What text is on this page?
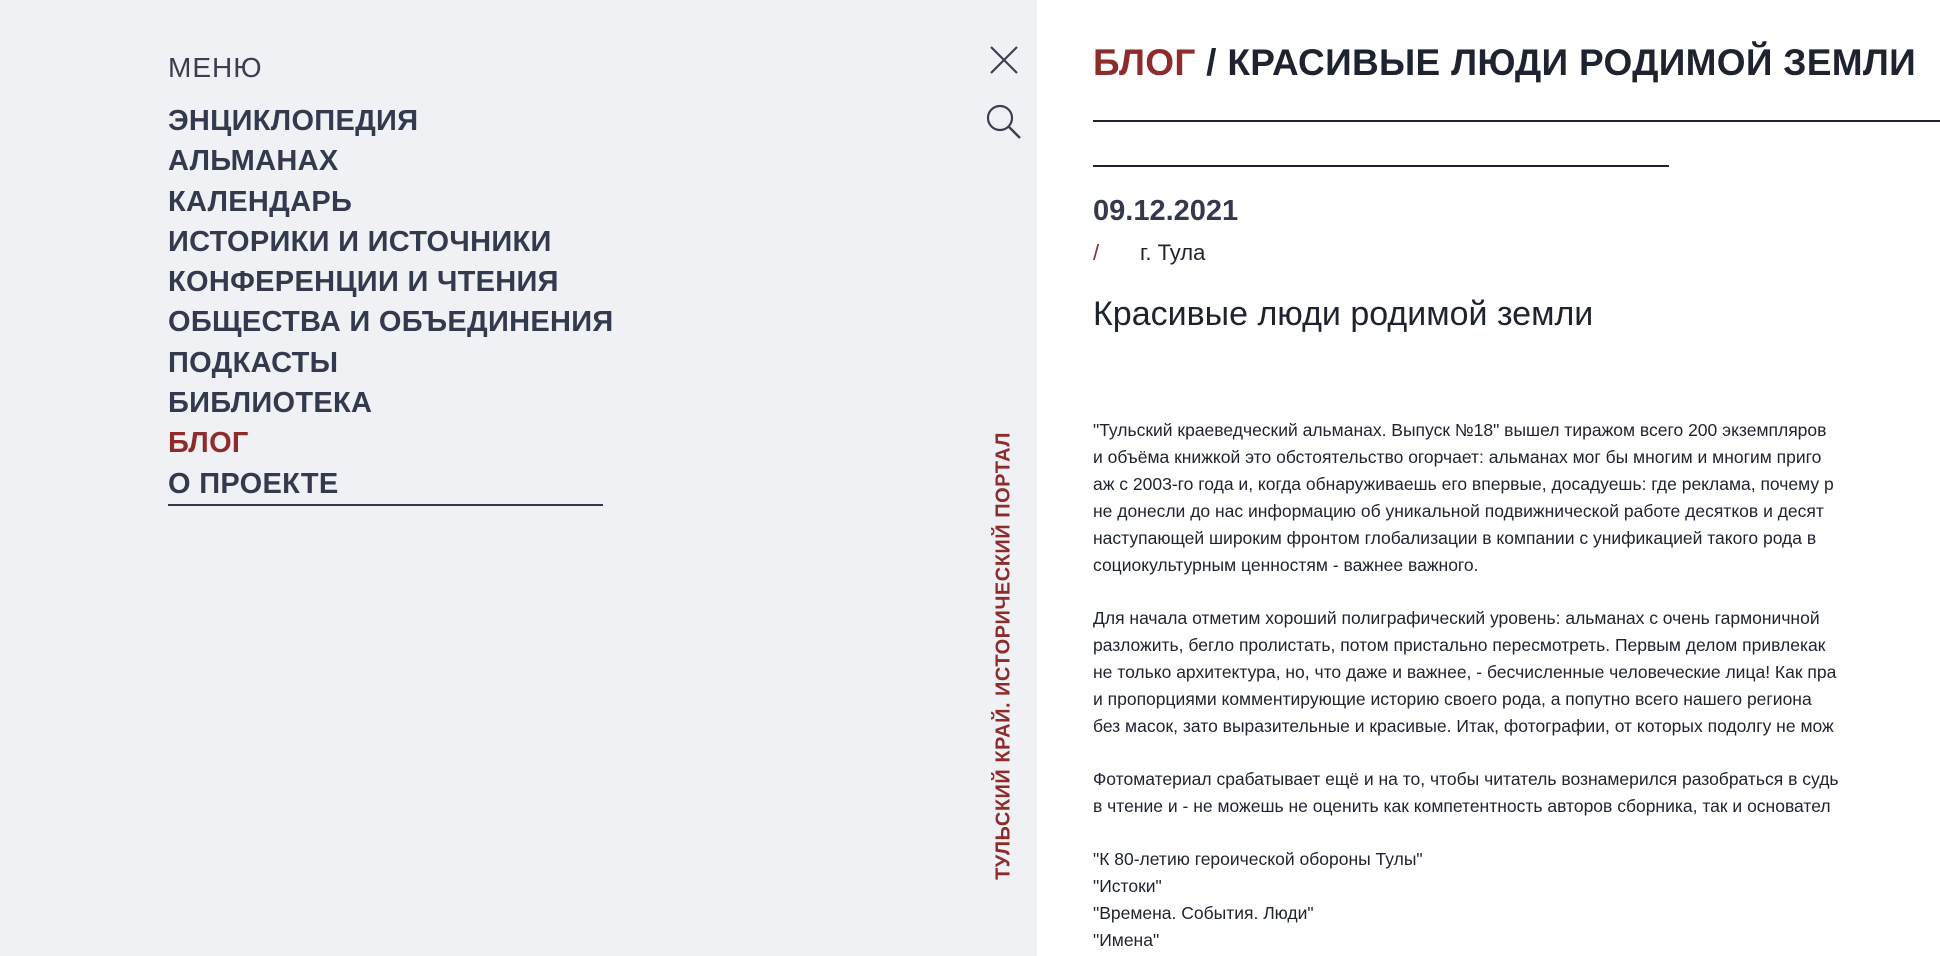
МЕНЮ
ЭНЦИКЛОПЕДИЯ
АЛЬМАНАХ
КАЛЕНДАРЬ
ИСТОРИКИ И ИСТОЧНИКИ
КОНФЕРЕНЦИИ И ЧТЕНИЯ
ОБЩЕСТВА И ОБЪЕДИНЕНИЯ
ПОДКАСТЫ
БИБЛИОТЕКА
БЛОГ
О ПРОЕКТЕ	ТУЛЬСКИЙ КРАЙ. ИСТОРИЧЕСКИЙ ПОРТАЛ
БЛОГ / КРАСИВЫЕ ЛЮДИ РОДИМОЙ ЗЕМЛИ
09.12.2021
/ г. Тула
Красивые люди родимой земли

"Тульский краеведческий альманах. Выпуск №18" вышел тиражом всего 200 экземпляров
и объёма книжкой это обстоятельство огорчает: альманах мог бы многим и многим приго
аж с 2003-го года и, когда обнаруживаешь его впервые, досадуешь: где реклама, почему р
не донесли до нас информацию об уникальной подвижнической работе десятков и десят
наступающей широким фронтом глобализации в компании с унификацией такого рода в
социокультурным ценностям - важнее важного.

Для начала отметим хороший полиграфический уровень: альманах с очень гармоничной
разложить, бегло пролистать, потом пристально пересмотреть. Первым делом привлекак
не только архитектура, но, что даже и важнее, - бесчисленные человеческие лица! Как пра
и пропорциями комментирующие историю своего рода, а попутно всего нашего региона
без масок, зато выразительные и красивые. Итак, фотографии, от которых подолгу не мож

Фотоматериал срабатывает ещё и на то, чтобы читатель вознамерился разобраться в судь
в чтение и - не можешь не оценить как компетентность авторов сборника, так и основател

"К 80-летию героической обороны Тулы"
"Истоки"
"Времена. События. Люди"
"Имена"
